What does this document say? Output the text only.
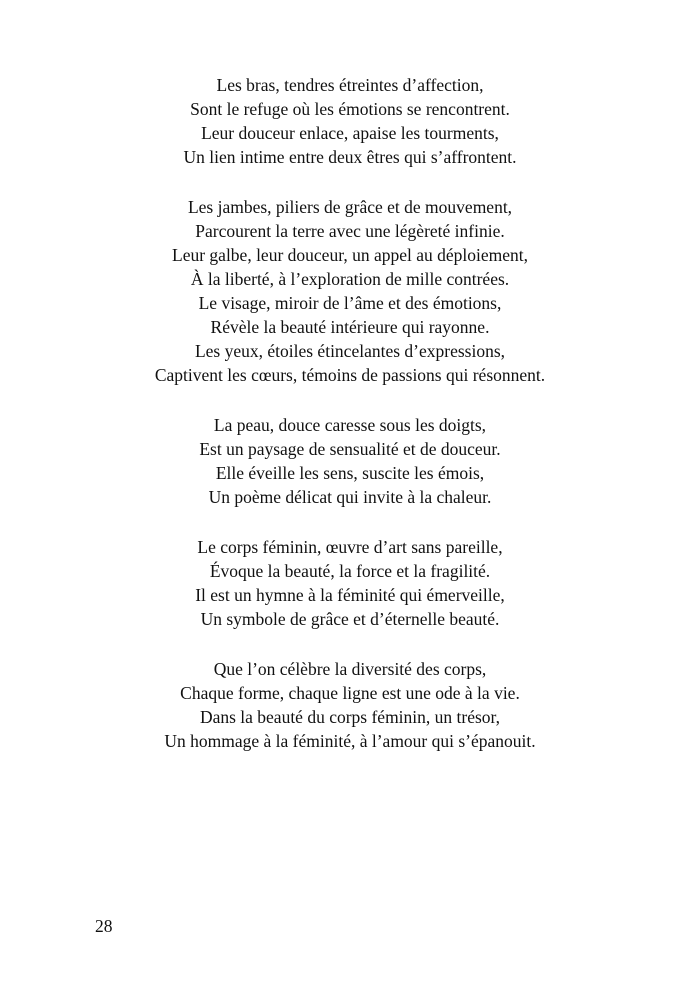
Les bras, tendres étreintes d’affection,
Sont le refuge où les émotions se rencontrent.
Leur douceur enlace, apaise les tourments,
Un lien intime entre deux êtres qui s’affrontent.
Les jambes, piliers de grâce et de mouvement,
Parcourent la terre avec une légèreté infinie.
Leur galbe, leur douceur, un appel au déploiement,
À la liberté, à l’exploration de mille contrées.
Le visage, miroir de l’âme et des émotions,
Révèle la beauté intérieure qui rayonne.
Les yeux, étoiles étincelantes d’expressions,
Captivent les cœurs, témoins de passions qui résonnent.
La peau, douce caresse sous les doigts,
Est un paysage de sensualité et de douceur.
Elle éveille les sens, suscite les émois,
Un poème délicat qui invite à la chaleur.
Le corps féminin, œuvre d’art sans pareille,
Évoque la beauté, la force et la fragilité.
Il est un hymne à la féminité qui émerveille,
Un symbole de grâce et d’éternelle beauté.
Que l’on célèbre la diversité des corps,
Chaque forme, chaque ligne est une ode à la vie.
Dans la beauté du corps féminin, un trésor,
Un hommage à la féminité, à l’amour qui s’épanouit.
28
